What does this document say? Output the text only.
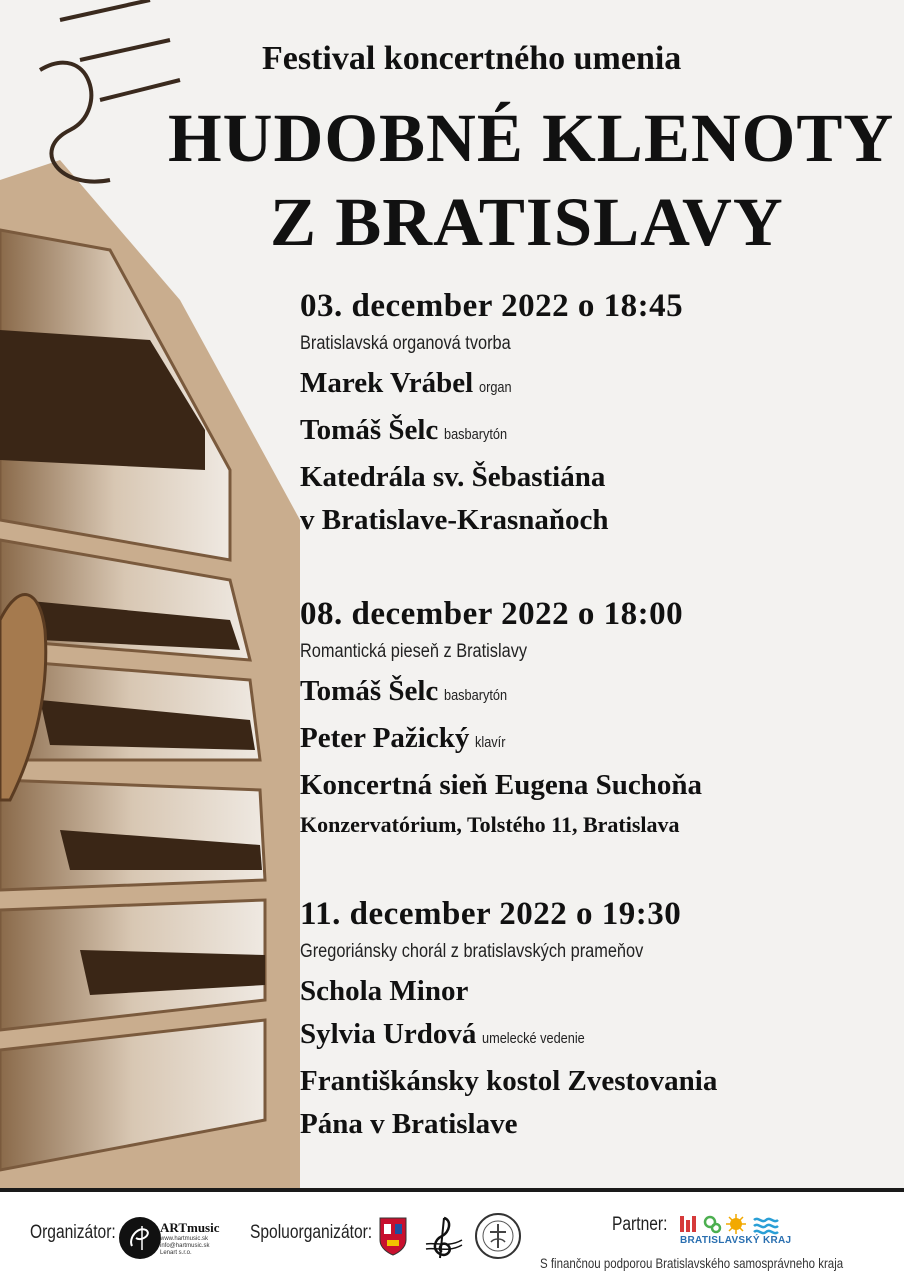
Festival koncertného umenia
HUDOBNÉ KLENOTY
Z BRATISLAVY
03. december 2022 o 18:45
Bratislavská organová tvorba
Marek Vrábel organ
Tomáš Šelc basbarytón
Katedrála sv. Šebastiána
v Bratislave-Krasnaňoch
08. december 2022 o 18:00
Romantická pieseň z Bratislavy
Tomáš Šelc basbarytón
Peter Pažický klavír
Koncertná sieň Eugena Suchoňa
Konzervatórium, Tolstého 11, Bratislava
11. december 2022 o 19:30
Gregoriánsky chorál z bratislavských prameňov
Schola Minor
Sylvia Urdová umelecké vedenie
Františkánsky kostol Zvestovania
Pána v Bratislave
Organizátor:	ARTmusic
www.hartmusic.sk
info@hartmusic.sk
Lenart s.r.o.
Spoluorganizátor:	Partner:
BRATISLAVSKÝ KRAJ
S finančnou podporou Bratislavského samosprávneho kraja
